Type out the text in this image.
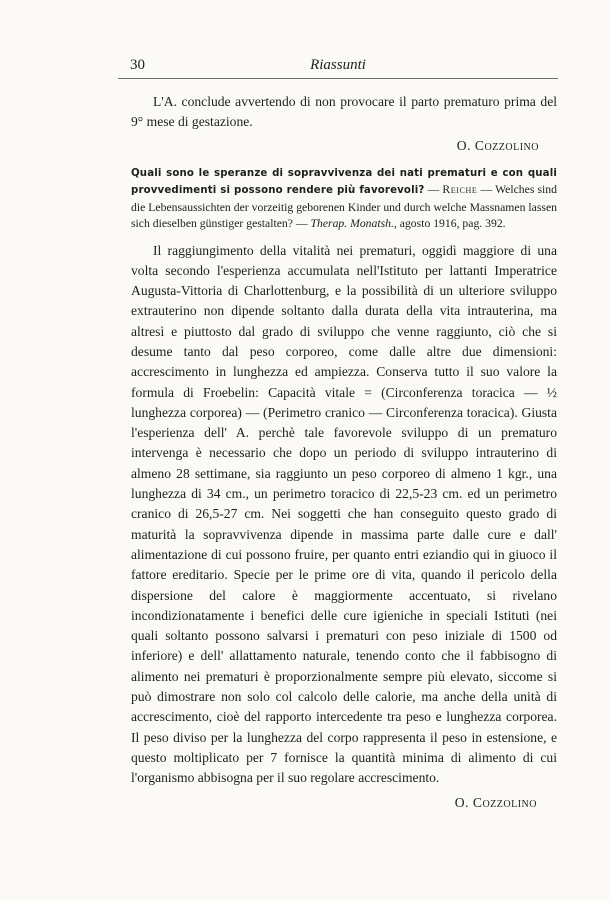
30	Riassunti

L'A. conclude avvertendo di non provocare il parto prematuro prima del 9° mese di gestazione.

O. Cozzolino

Quali sono le speranze di sopravvivenza dei nati prematuri e con quali provvedimenti si possono rendere più favorevoli? — Reiche — Welches sind die Lebensaussichten der vorzeitig geborenen Kinder und durch welche Massnamen lassen sich dieselben günstiger gestalten? — Therap. Monatsh., agosto 1916, pag. 392.

Il raggiungimento della vitalità nei prematuri, oggidì maggiore di una volta secondo l'esperienza accumulata nell'Istituto per lattanti Imperatrice Augusta-Vittoria di Charlottenburg, e la possibilità di un ulteriore sviluppo extrauterino non dipende soltanto dalla durata della vita intrauterina, ma altresì e piuttosto dal grado di sviluppo che venne raggiunto, ciò che si desume tanto dal peso corporeo, come dalle altre due dimensioni: accrescimento in lunghezza ed ampiezza. Conserva tutto il suo valore la formula di Froebelin: Capacità vitale = (Circonferenza toracica — ½ lunghezza corporea) — (Perimetro cranico — Circonferenza toracica). Giusta l'esperienza dell' A. perchè tale favorevole sviluppo di un prematuro intervenga è necessario che dopo un periodo di sviluppo intrauterino di almeno 28 settimane, sia raggiunto un peso corporeo di almeno 1 kgr., una lunghezza di 34 cm., un perimetro toracico di 22,5-23 cm. ed un perimetro cranico di 26,5-27 cm. Nei soggetti che han conseguito questo grado di maturità la sopravvivenza dipende in massima parte dalle cure e dall' alimentazione di cui possono fruire, per quanto entri eziandio qui in giuoco il fattore ereditario. Specie per le prime ore di vita, quando il pericolo della dispersione del calore è maggiormente accentuato, si rivelano incondizionatamente i benefici delle cure igieniche in speciali Istituti (nei quali soltanto possono salvarsi i prematuri con peso iniziale di 1500 od inferiore) e dell' allattamento naturale, tenendo conto che il fabbisogno di alimento nei prematuri è proporzionalmente sempre più elevato, siccome si può dimostrare non solo col calcolo delle calorie, ma anche della unità di accrescimento, cioè del rapporto intercedente tra peso e lunghezza corporea. Il peso diviso per la lunghezza del corpo rappresenta il peso in estensione, e questo moltiplicato per 7 fornisce la quantità minima di alimento di cui l'organismo abbisogna per il suo regolare accrescimento.

O. Cozzolino
